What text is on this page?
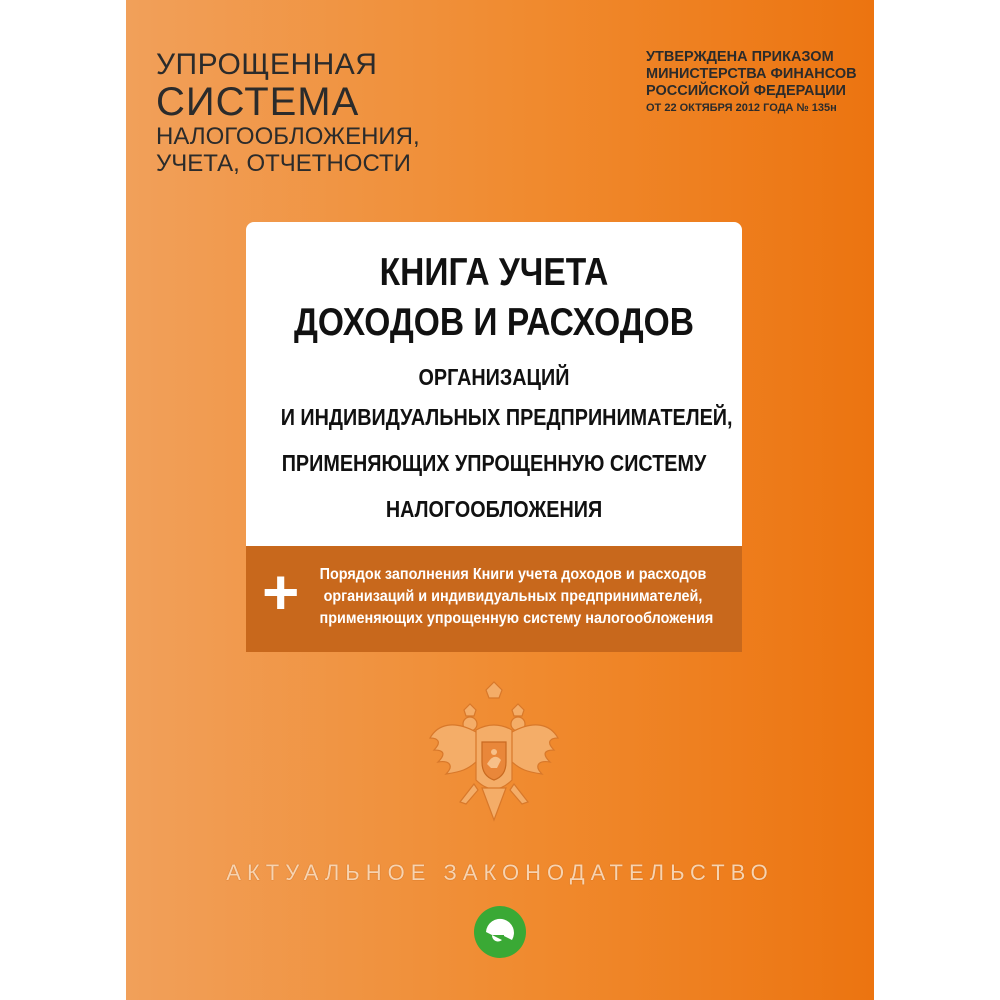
УПРОЩЕННАЯ
СИСТЕМА
НАЛОГООБЛОЖЕНИЯ,
УЧЕТА, ОТЧЕТНОСТИ
УТВЕРЖДЕНА ПРИКАЗОМ
МИНИСТЕРСТВА ФИНАНСОВ
РОССИЙСКОЙ ФЕДЕРАЦИИ
ОТ 22 ОКТЯБРЯ 2012 ГОДА № 135н
КНИГА УЧЕТА
ДОХОДОВ И РАСХОДОВ
ОРГАНИЗАЦИЙ
И ИНДИВИДУАЛЬНЫХ ПРЕДПРИНИМАТЕЛЕЙ,
ПРИМЕНЯЮЩИХ УПРОЩЕННУЮ СИСТЕМУ
НАЛОГООБЛОЖЕНИЯ
+ Порядок заполнения Книги учета доходов и расходов
организаций и индивидуальных предпринимателей,
применяющих упрощенную систему налогообложения
АКТУАЛЬНОЕ ЗАКОНОДАТЕЛЬСТВО
